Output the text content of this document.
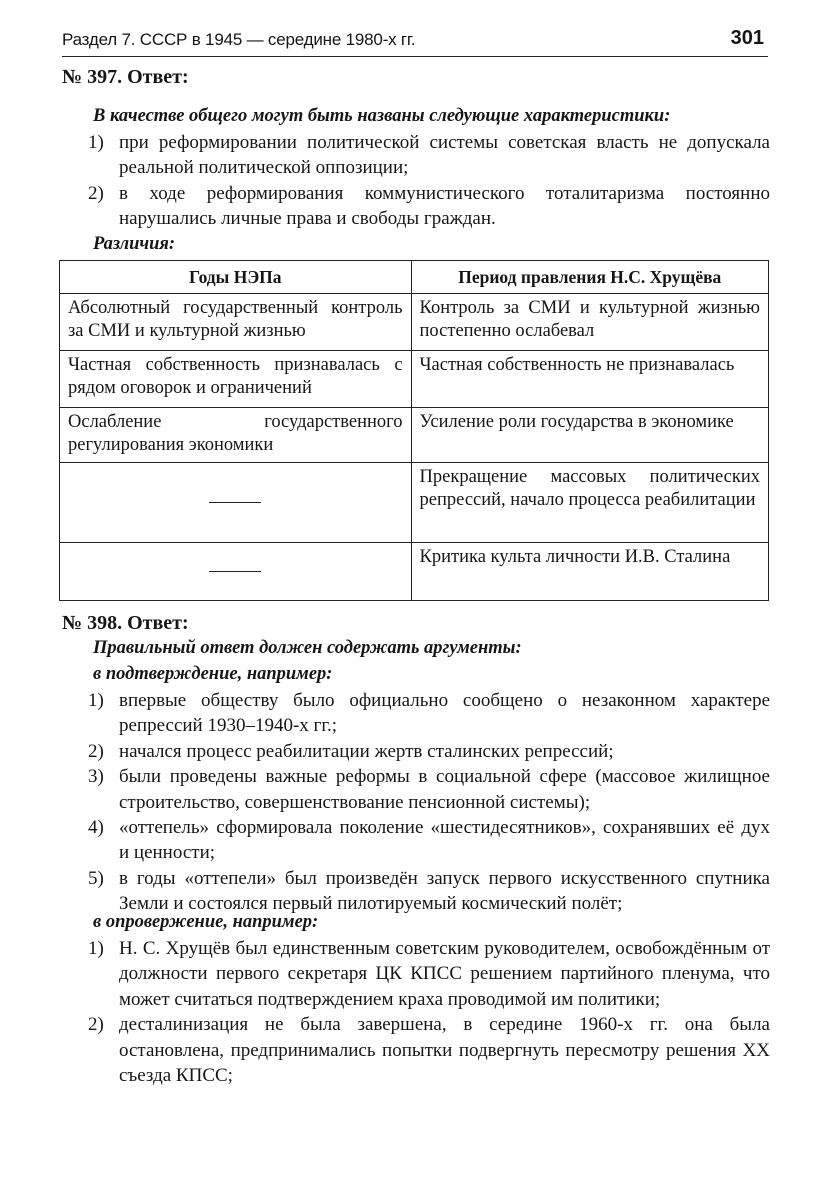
Раздел 7. СССР в 1945 — середине 1980-х гг.	301
№ 397. Ответ:
В качестве общего могут быть названы следующие характеристики:
1) при реформировании политической системы советская власть не допускала реальной политической оппозиции;
2) в ходе реформирования коммунистического тоталитаризма постоянно нарушались личные права и свободы граждан.
Различия:
Годы НЭПа	Период правления Н.С. Хрущёва
Абсолютный государственный контроль за СМИ и культурной жизнью	Контроль за СМИ и культурной жизнью постепенно ослабевал
Частная собственность признавалась с рядом оговорок и ограничений	Частная собственность не признавалась
Ослабление государственного регулирования экономики	Усиление роли государства в экономике
	Прекращение массовых политических репрессий, начало процесса реабилитации
	Критика культа личности И.В. Сталина
№ 398. Ответ:
Правильный ответ должен содержать аргументы:
в подтверждение, например:
1) впервые обществу было официально сообщено о незаконном характере репрессий 1930–1940-х гг.;
2) начался процесс реабилитации жертв сталинских репрессий;
3) были проведены важные реформы в социальной сфере (массовое жилищное строительство, совершенствование пенсионной системы);
4) «оттепель» сформировала поколение «шестидесятников», сохранявших её дух и ценности;
5) в годы «оттепели» был произведён запуск первого искусственного спутника Земли и состоялся первый пилотируемый космический полёт;
в опровержение, например:
1) Н. С. Хрущёв был единственным советским руководителем, освобождённым от должности первого секретаря ЦК КПСС решением партийного пленума, что может считаться подтверждением краха проводимой им политики;
2) десталинизация не была завершена, в середине 1960-х гг. она была остановлена, предпринимались попытки подвергнуть пересмотру решения XX съезда КПСС;
